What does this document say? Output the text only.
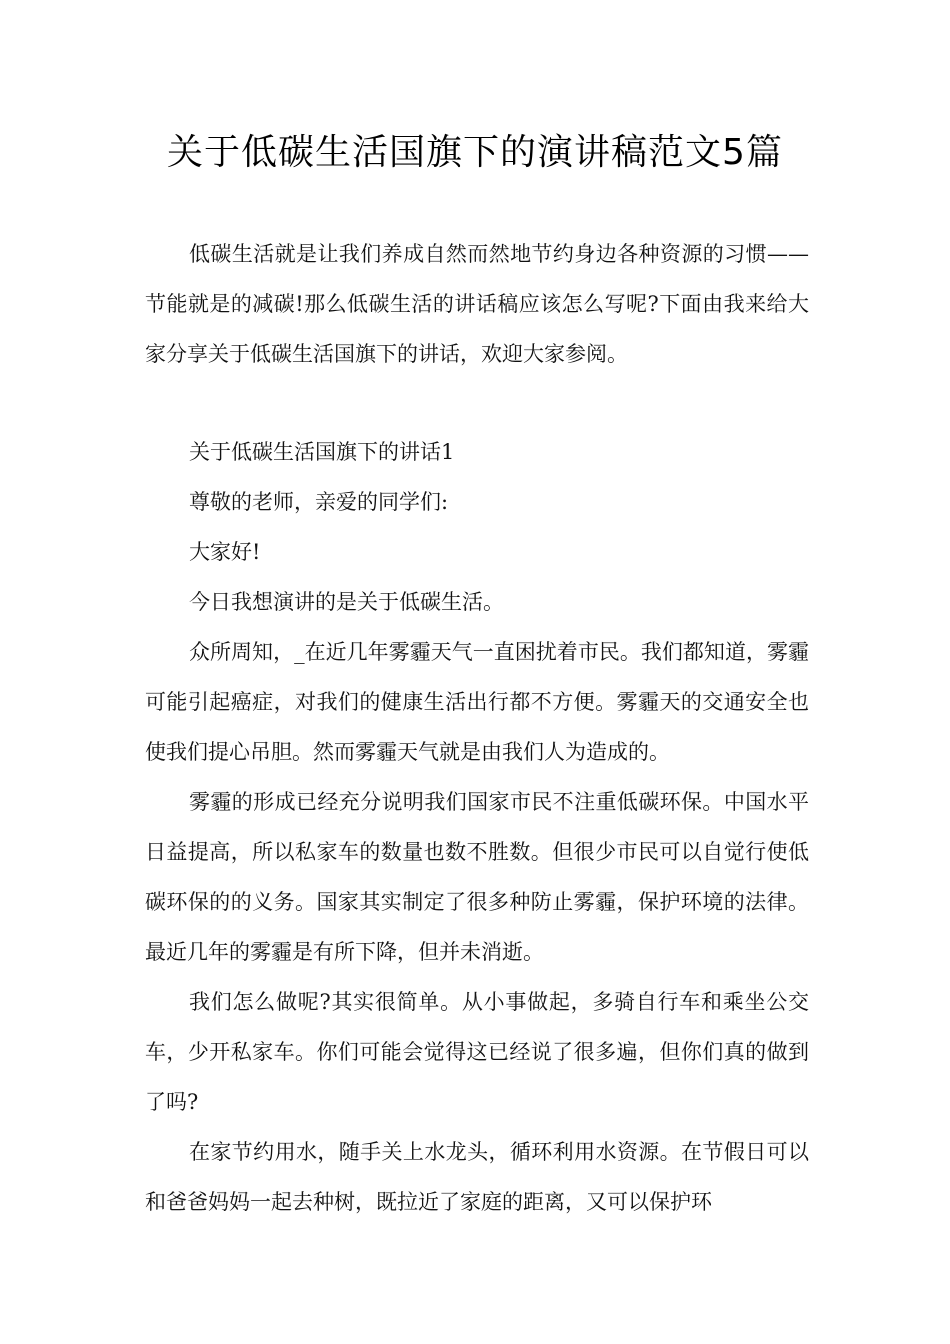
关于低碳生活国旗下的演讲稿范文5篇

低碳生活就是让我们养成自然而然地节约身边各种资源的习惯——节能就是的减碳!那么低碳生活的讲话稿应该怎么写呢?下面由我来给大家分享关于低碳生活国旗下的讲话，欢迎大家参阅。

关于低碳生活国旗下的讲话1

尊敬的老师，亲爱的同学们:

大家好!

今日我想演讲的是关于低碳生活。

众所周知，_在近几年雾霾天气一直困扰着市民。我们都知道，雾霾可能引起癌症，对我们的健康生活出行都不方便。雾霾天的交通安全也使我们提心吊胆。然而雾霾天气就是由我们人为造成的。

雾霾的形成已经充分说明我们国家市民不注重低碳环保。中国水平日益提高，所以私家车的数量也数不胜数。但很少市民可以自觉行使低碳环保的的义务。国家其实制定了很多种防止雾霾，保护环境的法律。最近几年的雾霾是有所下降，但并未消逝。

我们怎么做呢?其实很简单。从小事做起，多骑自行车和乘坐公交车，少开私家车。你们可能会觉得这已经说了很多遍，但你们真的做到了吗?

在家节约用水，随手关上水龙头，循环利用水资源。在节假日可以和爸爸妈妈一起去种树，既拉近了家庭的距离，又可以保护环
